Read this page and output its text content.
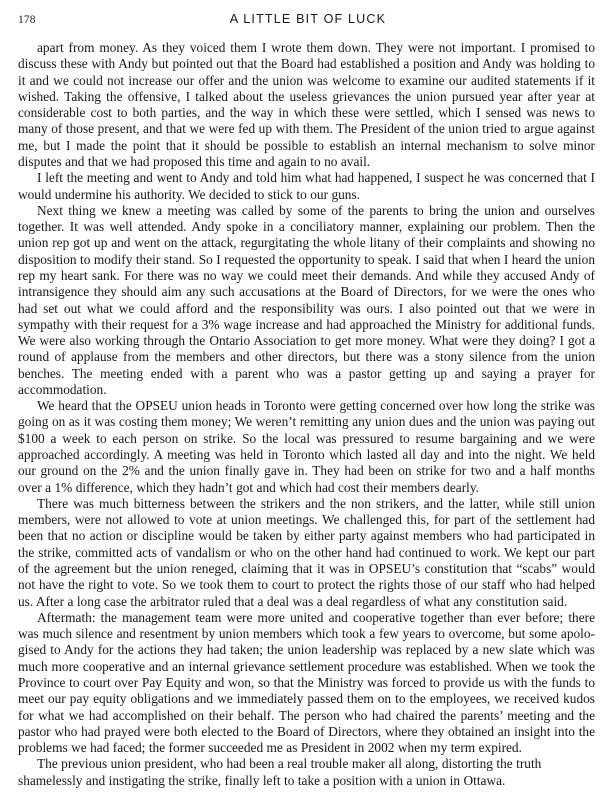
178	A LITTLE BIT OF LUCK

apart from money. As they voiced them I wrote them down. They were not important. I promised to discuss these with Andy but pointed out that the Board had established a position and Andy was holding to it and we could not increase our offer and the union was welcome to examine our audited statements if it wished. Taking the offensive, I talked about the useless grievances the union pursued year after year at considerable cost to both parties, and the way in which these were settled, which I sensed was news to many of those present, and that we were fed up with them. The President of the union tried to argue against me, but I made the point that it should be possible to establish an internal mechanism to solve minor disputes and that we had proposed this time and again to no avail.

I left the meeting and went to Andy and told him what had happened, I suspect he was concerned that I would undermine his authority. We decided to stick to our guns.

Next thing we knew a meeting was called by some of the parents to bring the union and ourselves together. It was well attended. Andy spoke in a conciliatory manner, explaining our problem. Then the union rep got up and went on the attack, regurgitating the whole litany of their complaints and showing no disposition to modify their stand. So I requested the opportunity to speak. I said that when I heard the union rep my heart sank. For there was no way we could meet their demands. And while they accused Andy of intransigence they should aim any such accusations at the Board of Directors, for we were the ones who had set out what we could afford and the responsibility was ours. I also pointed out that we were in sympathy with their request for a 3% wage increase and had approached the Ministry for additional funds. We were also working through the Ontario Association to get more money. What were they doing? I got a round of applause from the members and other directors, but there was a stony silence from the union benches. The meeting ended with a parent who was a pastor getting up and saying a prayer for accommodation.

We heard that the OPSEU union heads in Toronto were getting concerned over how long the strike was going on as it was costing them money; We weren’t remitting any union dues and the union was paying out $100 a week to each person on strike. So the local was pressured to resume bargaining and we were approached accordingly. A meeting was held in Toronto which lasted all day and into the night. We held our ground on the 2% and the union finally gave in. They had been on strike for two and a half months over a 1% difference, which they hadn’t got and which had cost their members dearly.

There was much bitterness between the strikers and the non strikers, and the latter, while still union members, were not allowed to vote at union meetings. We challenged this, for part of the settlement had been that no action or discipline would be taken by either party against members who had participated in the strike, committed acts of vandalism or who on the other hand had continued to work. We kept our part of the agreement but the union reneged, claiming that it was in OPSEU’s constitution that “scabs” would not have the right to vote. So we took them to court to protect the rights those of our staff who had helped us. After a long case the arbitrator ruled that a deal was a deal regardless of what any constitution said.

Aftermath: the management team were more united and cooperative together than ever before; there was much silence and resentment by union members which took a few years to overcome, but some apolo-gised to Andy for the actions they had taken; the union leadership was replaced by a new slate which was much more cooperative and an internal grievance settlement procedure was established. When we took the Province to court over Pay Equity and won, so that the Ministry was forced to provide us with the funds to meet our pay equity obligations and we immediately passed them on to the employees, we received kudos for what we had accomplished on their behalf. The person who had chaired the parents’ meeting and the pastor who had prayed were both elected to the Board of Directors, where they obtained an insight into the problems we had faced; the former succeeded me as President in 2002 when my term expired.

The previous union president, who had been a real trouble maker all along, distorting the truth shamelessly and instigating the strike, finally left to take a position with a union in Ottawa.
